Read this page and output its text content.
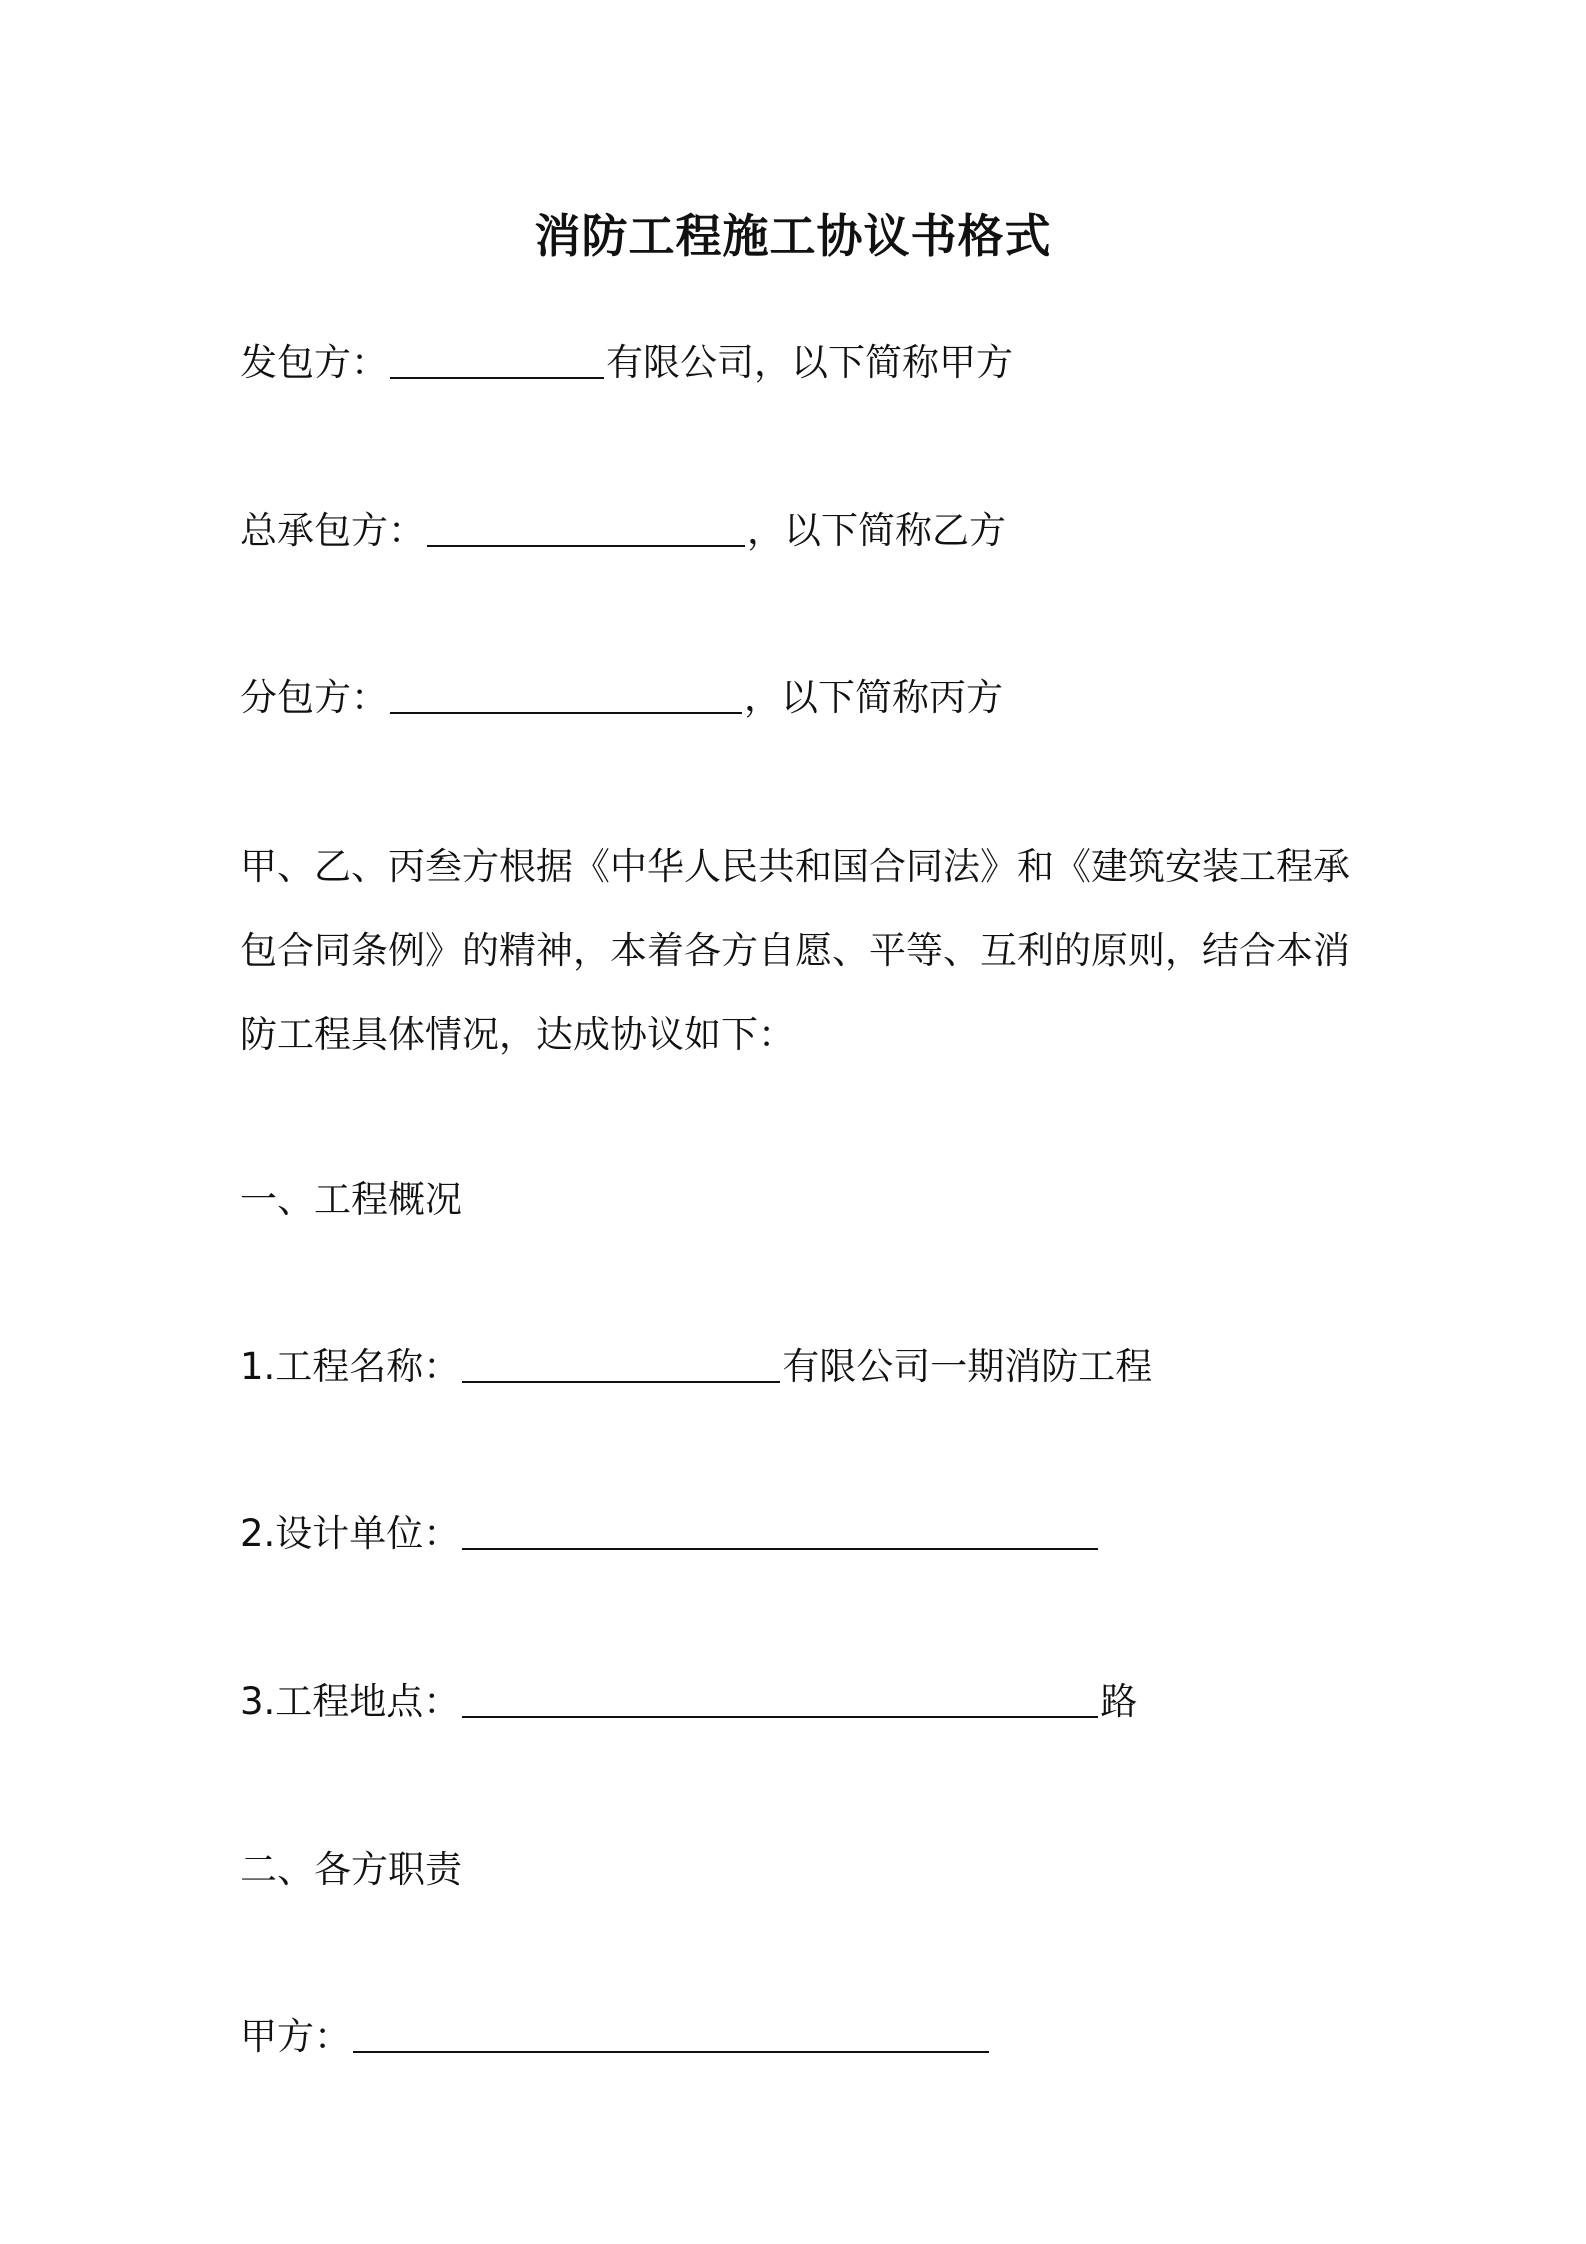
消防工程施工协议书格式
发包方：	有限公司，以下简称甲方
总承包方：	，以下简称乙方
分包方：	，以下简称丙方
甲、乙、丙叁方根据《中华人民共和国合同法》和《建筑安装工程承
包合同条例》的精神，本着各方自愿、平等、互利的原则，结合本消
防工程具体情况，达成协议如下：
一、工程概况
1.工程名称：	有限公司一期消防工程
2.设计单位：
3.工程地点：	路
二、各方职责
甲方：
